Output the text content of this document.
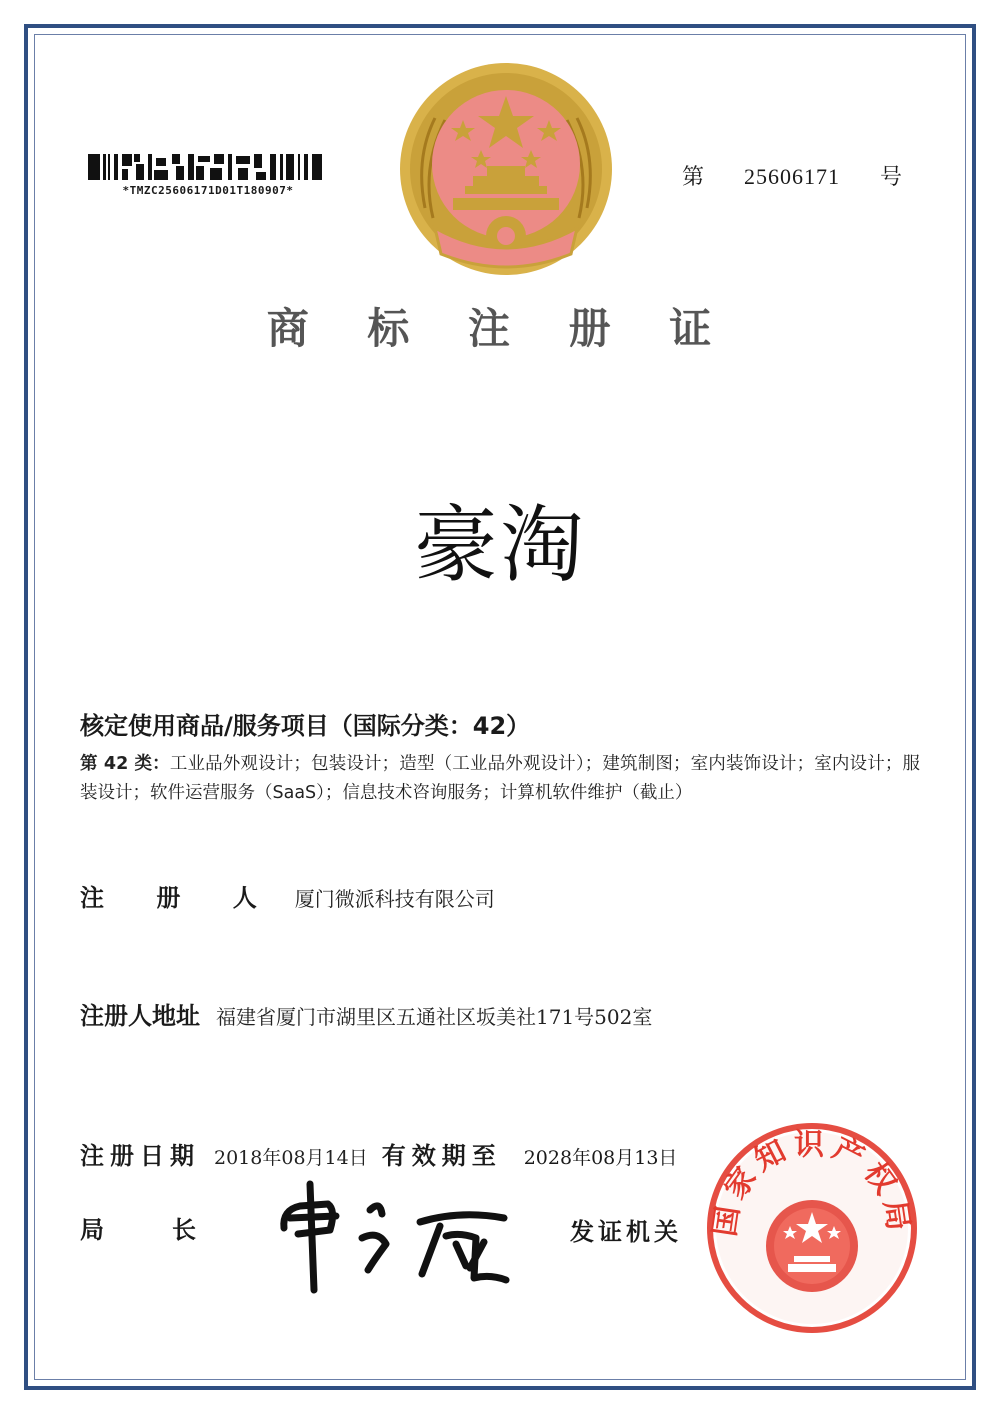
*TMZC25606171D01T180907*
第 25606171 号
商 标 注 册 证
豪淘
核定使用商品/服务项目（国际分类：42）
第 42 类：工业品外观设计；包装设计；造型（工业品外观设计）；建筑制图；室内装饰设计；室内设计；服装设计；软件运营服务（SaaS）；信息技术咨询服务；计算机软件维护（截止）
注 册 人 厦门微派科技有限公司
注册人地址 福建省厦门市湖里区五通社区坂美社171号502室
注册日期 2018年08月14日 有效期至 2028年08月13日
局	长	发证机关 国家知识产权局
